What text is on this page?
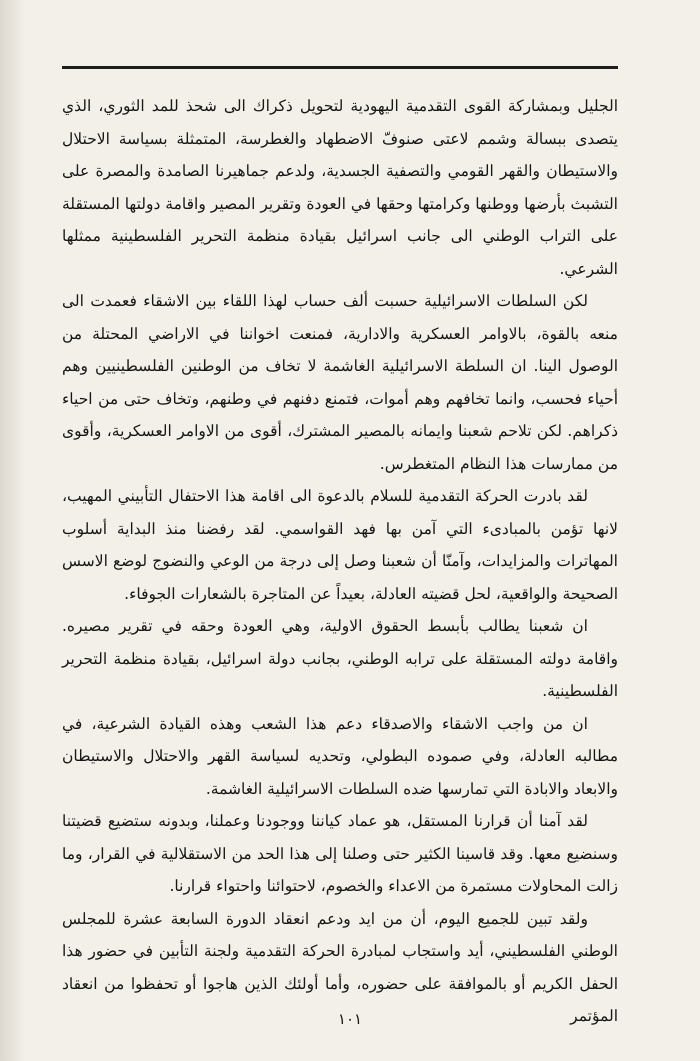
الجليل وبمشاركة القوى التقدمية اليهودية لتحويل ذكراك الى شحذ للمد الثوري، الذي يتصدى ببسالة وشمم لاعتى صنوفّ الاضطهاد والغطرسة، المتمثلة بسياسة الاحتلال والاستيطان والقهر القومي والتصفية الجسدية، ولدعم جماهيرنا الصامدة والمصرة على التشبث بأرضها ووطنها وكرامتها وحقها في العودة وتقرير المصير واقامة دولتها المستقلة على التراب الوطني الى جانب اسرائيل بقيادة منظمة التحرير الفلسطينية ممثلها الشرعي.

لكن السلطات الاسرائيلية حسبت ألف حساب لهذا اللقاء بين الاشقاء فعمدت الى منعه بالقوة، بالاوامر العسكرية والادارية، فمنعت اخواننا في الاراضي المحتلة من الوصول الينا. ان السلطة الاسرائيلية الغاشمة لا تخاف من الوطنين الفلسطينيين وهم أحياء فحسب، وانما تخافهم وهم أموات، فتمنع دفنهم في وطنهم، وتخاف حتى من احياء ذكراهم. لكن تلاحم شعبنا وايمانه بالمصير المشترك، أقوى من الاوامر العسكرية، وأقوى من ممارسات هذا النظام المتغطرس.

لقد بادرت الحركة التقدمية للسلام بالدعوة الى اقامة هذا الاحتفال التأبيني المهيب، لانها تؤمن بالمبادىء التي آمن بها فهد القواسمي. لقد رفضنا منذ البداية أسلوب المهاترات والمزايدات، وآمنّا أن شعبنا وصل إلى درجة من الوعي والنضوج لوضع الاسس الصحيحة والواقعية، لحل قضيته العادلة، بعيداً عن المتاجرة بالشعارات الجوفاء.

ان شعبنا يطالب بأبسط الحقوق الاولية، وهي العودة وحقه في تقرير مصيره. واقامة دولته المستقلة على ترابه الوطني، بجانب دولة اسرائيل، بقيادة منظمة التحرير الفلسطينية.

ان من واجب الاشقاء والاصدقاء دعم هذا الشعب وهذه القيادة الشرعية، في مطالبه العادلة، وفي صموده البطولي، وتحديه لسياسة القهر والاحتلال والاستيطان والابعاد والابادة التي تمارسها ضده السلطات الاسرائيلية الغاشمة.

لقد آمنا أن قرارنا المستقل، هو عماد كياننا ووجودنا وعملنا، وبدونه ستضيع قضيتنا وسنضيع معها. وقد قاسينا الكثير حتى وصلنا إلى هذا الحد من الاستقلالية في القرار، وما زالت المحاولات مستمرة من الاعداء والخصوم، لاحتوائنا واحتواء قرارنا.

ولقد تبين للجميع اليوم، أن من ايد ودعم انعقاد الدورة السابعة عشرة للمجلس الوطني الفلسطيني، أيد واستجاب لمبادرة الحركة التقدمية ولجنة التأبين في حضور هذا الحفل الكريم أو بالموافقة على حضوره، وأما أولئك الذين هاجوا أو تحفظوا من انعقاد المؤتمر

١٠١
